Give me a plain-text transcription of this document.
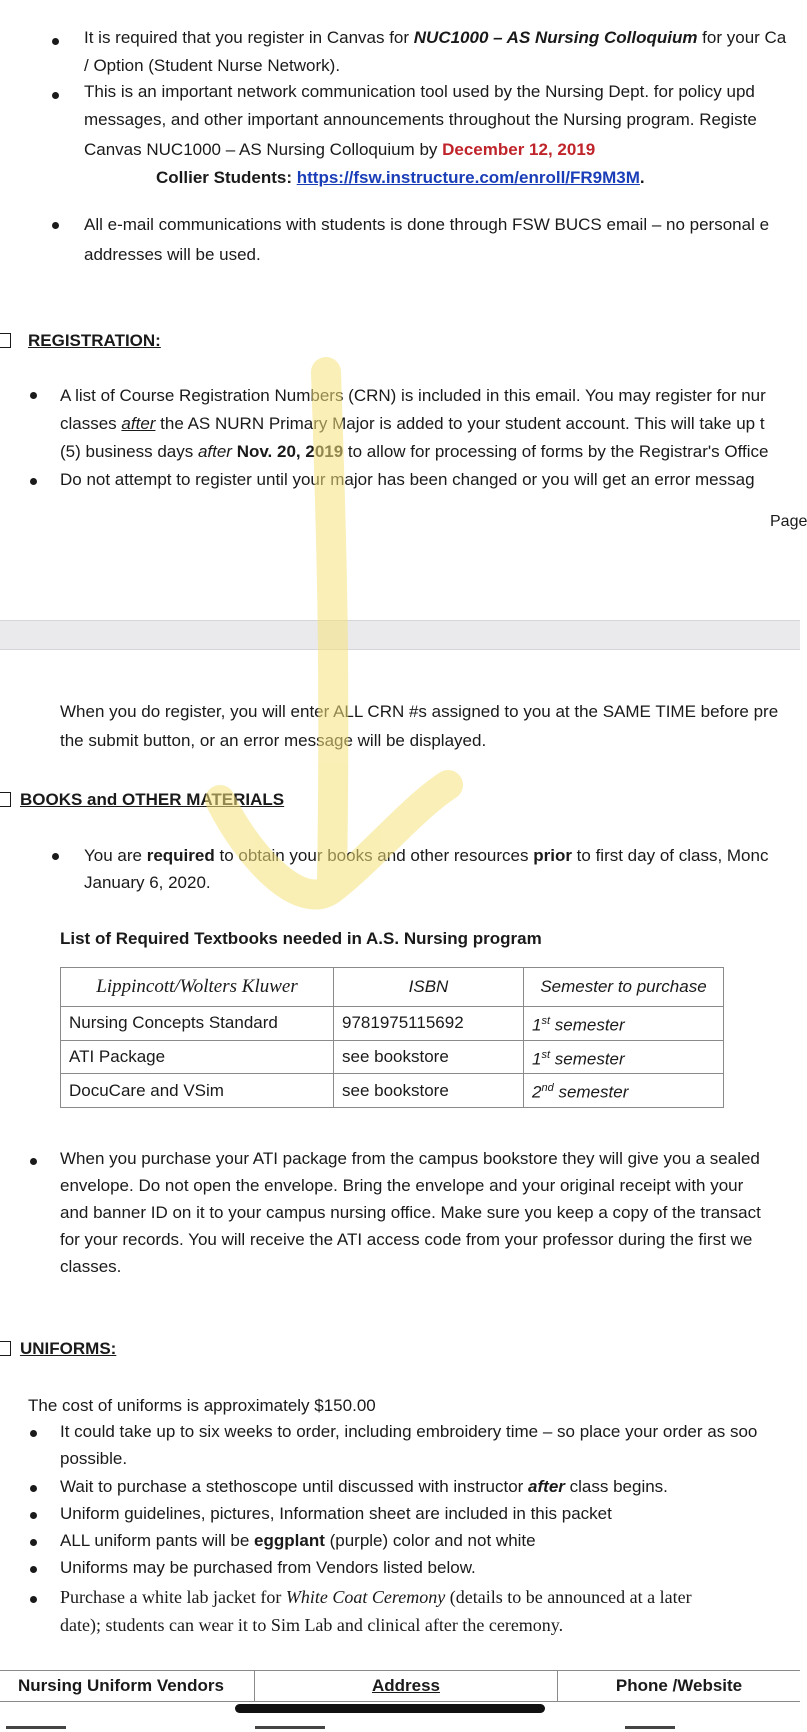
It is required that you register in Canvas for NUC1000 – AS Nursing Colloquium for your Ca
/ Option (Student Nurse Network).
This is an important network communication tool used by the Nursing Dept. for policy upd
messages, and other important announcements throughout the Nursing program. Registe
Canvas NUC1000 – AS Nursing Colloquium by December 12, 2019
Collier Students: https://fsw.instructure.com/enroll/FR9M3M.
All e-mail communications with students is done through FSW BUCS email – no personal e
addresses will be used.
REGISTRATION:
A list of Course Registration Numbers (CRN) is included in this email. You may register for nur
classes after the AS NURN Primary Major is added to your student account. This will take up t
(5) business days after Nov. 20, 2019 to allow for processing of forms by the Registrar's Office
Do not attempt to register until your major has been changed or you will get an error messag
Page
When you do register, you will enter ALL CRN #s assigned to you at the SAME TIME before pre
the submit button, or an error message will be displayed.
BOOKS and OTHER MATERIALS
You are required to obtain your books and other resources prior to first day of class, Monc
January 6, 2020.
List of Required Textbooks needed in A.S. Nursing program
Lippincott/Wolters Kluwer	ISBN	Semester to purchase
Nursing Concepts Standard	9781975115692	1st semester
ATI Package	see bookstore	1st semester
DocuCare and VSim	see bookstore	2nd semester
When you purchase your ATI package from the campus bookstore they will give you a sealed
envelope. Do not open the envelope. Bring the envelope and your original receipt with your
and banner ID on it to your campus nursing office. Make sure you keep a copy of the transact
for your records. You will receive the ATI access code from your professor during the first we
classes.
UNIFORMS:
The cost of uniforms is approximately $150.00
It could take up to six weeks to order, including embroidery time – so place your order as soo
possible.
Wait to purchase a stethoscope until discussed with instructor after class begins.
Uniform guidelines, pictures, Information sheet are included in this packet
ALL uniform pants will be eggplant (purple) color and not white
Uniforms may be purchased from Vendors listed below.
Purchase a white lab jacket for White Coat Ceremony (details to be announced at a later
date); students can wear it to Sim Lab and clinical after the ceremony.
Nursing Uniform Vendors	Address	Phone /Website
